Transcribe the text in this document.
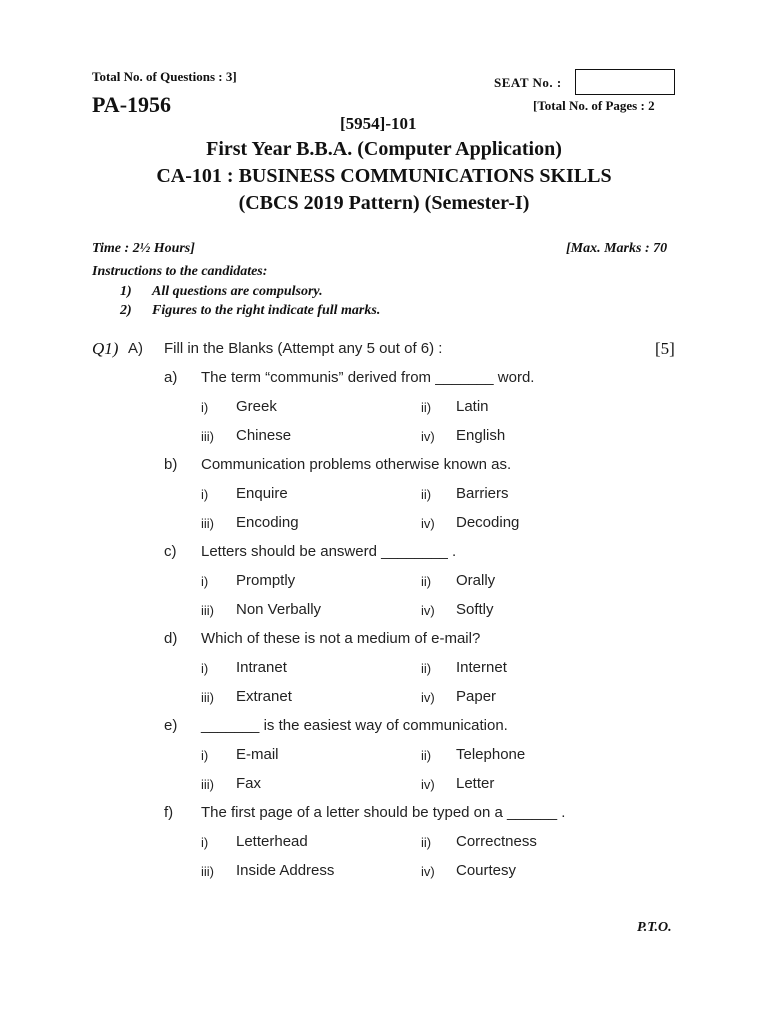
Total No. of Questions : 3]	SEAT No. :
PA-1956	[Total No. of Pages : 2
[5954]-101
First Year B.B.A. (Computer Application)
CA-101 : BUSINESS COMMUNICATIONS SKILLS
(CBCS 2019 Pattern) (Semester-I)
Time : 2½ Hours]	[Max. Marks : 70
Instructions to the candidates:
1) All questions are compulsory.
2) Figures to the right indicate full marks.
Q1) A) Fill in the Blanks (Attempt any 5 out of 6) :	[5]
a) The term “communis” derived from _______ word.
i) Greek	ii) Latin
iii) Chinese	iv) English
b) Communication problems otherwise known as.
i) Enquire	ii) Barriers
iii) Encoding	iv) Decoding
c) Letters should be answerd ________ .
i) Promptly	ii) Orally
iii) Non Verbally	iv) Softly
d) Which of these is not a medium of e-mail?
i) Intranet	ii) Internet
iii) Extranet	iv) Paper
e) _______ is the easiest way of communication.
i) E-mail	ii) Telephone
iii) Fax	iv) Letter
f) The first page of a letter should be typed on a ______ .
i) Letterhead	ii) Correctness
iii) Inside Address	iv) Courtesy
P.T.O.
